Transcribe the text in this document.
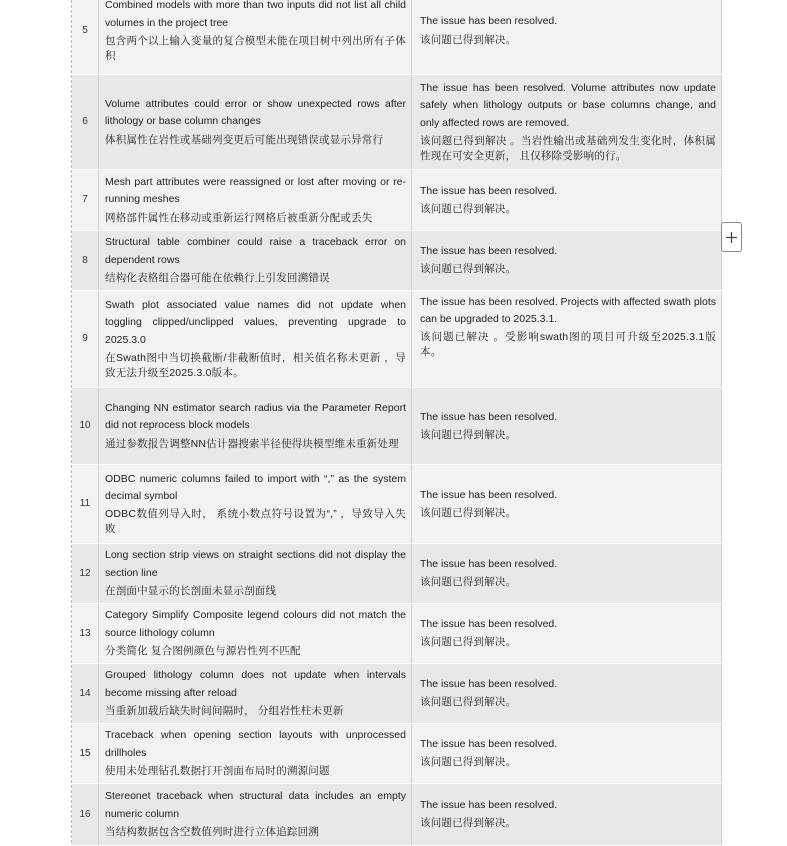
5	Combined models with more than two inputs did not list all child volumes in the project tree
包含两个以上输入变量的复合模型未能在项目树中列出所有子体积	The issue has been resolved.
该问题已得到解决。

6	Volume attributes could error or show unexpected rows after lithology or base column changes
体积属性在岩性或基础列变更后可能出现错误或显示异常行	The issue has been resolved. Volume attributes now update safely when lithology outputs or base columns change, and only affected rows are removed.
该问题已得到解决 。当岩性输出或基础列发生变化时，体积属性现在可安全更新， 且仅移除受影响的行。

7	Mesh part attributes were reassigned or lost after moving or re-running meshes
网格部件属性在移动或重新运行网格后被重新分配或丢失	The issue has been resolved.
该问题已得到解决。

8	Structural table combiner could raise a traceback error on dependent rows
结构化表格组合器可能在依赖行上引发回溯错误	The issue has been resolved.
该问题已得到解决。

9	Swath plot associated value names did not update when toggling clipped/unclipped values, preventing upgrade to 2025.3.0
在Swath图中当切换截断/非截断值时，相关值名称未更新 ，导致无法升级至2025.3.0版本。	The issue has been resolved. Projects with affected swath plots can be upgraded to 2025.3.1.
该问题已解决 。受影响swath图的项目可升级至2025.3.1版本。

10	Changing NN estimator search radius via the Parameter Report did not reprocess block models
通过参数报告调整NN估计器搜索半径使得块模型维未重新处理	The issue has been resolved.
该问题已得到解决。

11	ODBC numeric columns failed to import with “,” as the system decimal symbol
ODBC数值列导入时， 系统小数点符号设置为“,” ，导致导入失败	The issue has been resolved.
该问题已得到解决。

12	Long section strip views on straight sections did not display the section line
在剖面中显示的长剖面未显示剖面线	The issue has been resolved.
该问题已得到解决。

13	Category Simplify Composite legend colours did not match the source lithology column
分类简化 复合图例颜色与源岩性列不匹配	The issue has been resolved.
该问题已得到解决。

14	Grouped lithology column does not update when intervals become missing after reload
当重新加载后缺失时间间隔时， 分组岩性柱未更新	The issue has been resolved.
该问题已得到解决。

15	Traceback when opening section layouts with unprocessed drillholes
使用未处理钻孔数据打开剖面布局时的溯源问题	The issue has been resolved.
该问题已得到解决。

16	Stereonet traceback when structural data includes an empty numeric column
当结构数据包含空数值列时进行立体追踪回溯	The issue has been resolved.
该问题已得到解决。
